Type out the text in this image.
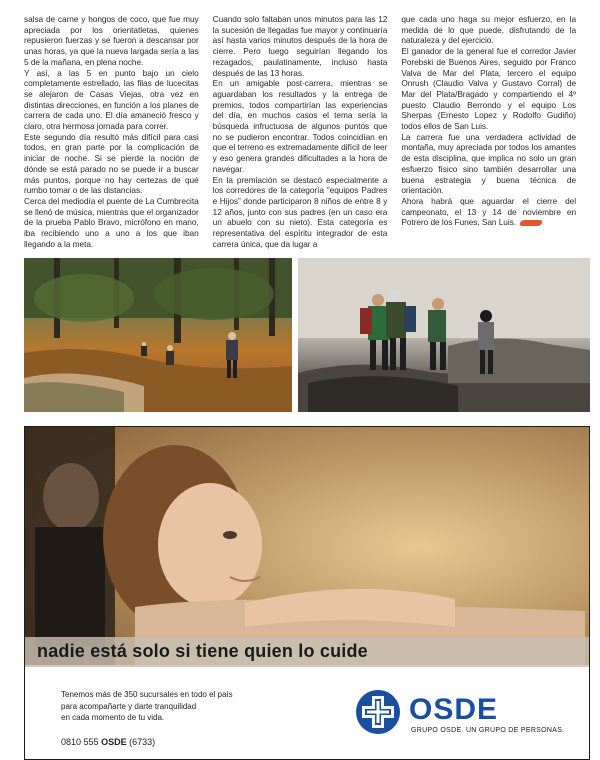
salsa de carne y hongos de coco, que fue muy apreciada por los orientatletas, quienes repusieron fuerzas y se fueron a descansar por unas horas, ya que la nueva largada sería a las 5 de la mañana, en plena noche.

Y así, a las 5 en punto bajo un cielo completamente estrellado, las filas de lucecitas se alejaron de Casas Viejas, otra vez en distintas direcciones, en función a los planes de carrera de cada uno. El día amaneció fresco y claro, otra hermosa jornada para correr.

Este segundo día resultó más difícil para casi todos, en gran parte por la complicación de iniciar de noche. Si se pierde la noción de dónde se está parado no se puede ir a buscar más puntos, porque no hay certezas de qué rumbo tomar o de las distancias.

Cerca del mediodía el puente de La Cumbrecita se llenó de música, mientras que el organizador de la prueba Pablo Bravo, micrófono en mano, iba recibiendo uno a uno a los que iban llegando a la meta.

Cuando solo faltaban unos minutos para las 12 la sucesión de llegadas fue mayor y continuaría así hasta varios minutos después de la hora de cierre. Pero luego seguirían llegando los rezagados, paulatinamente, incluso hasta después de las 13 horas.

En un amigable post-carrera, mientras se aguardaban los resultados y la entrega de premios, todos compartirían las experiencias del día, en muchos casos el tema sería la búsqueda infructuosa de algunos puntos que no se pudieron encontrar. Todos coincidían en que el terreno es extremadamente difícil de leer y eso genera grandes dificultades a la hora de navegar.

En la premiación se destacó especialmente a los corredores de la categoría “equipos Padres e Hijos” donde participaron 8 niños de entre 8 y 12 años, junto con sus padres (en un caso era un abuelo con su nieto). Esta categoría es representativa del espíritu integrador de esta carrera única, que da lugar a

que cada uno haga su mejor esfuerzo, en la medida de lo que puede, disfrutando de la naturaleza y del ejercicio.

El ganador de la general fue el corredor Javier Porebski de Buenos Aires, seguido por Franco Valva de Mar del Plata, tercero el equipo Onrush (Claudio Valva y Gustavo Corral) de Mar del Plata/Bragado y compartiendo el 4º puesto Claudio Berrondo y el equipo Los Sherpas (Ernesto Lopez y Rodolfo Gudiño) todos ellos de San Luis.

La carrera fue una verdadera actividad de montaña, muy apreciada por todos los amantes de esta disciplina, que implica no solo un gran esfuerzo físico sino también desarrollar una buena estrategia y buena técnica de orientación.

Ahora habrá que aguardar el cierre del campeonato, el 13 y 14 de noviembre en Potrero de los Funes, San Luis.

nadie está solo si tiene quien lo cuide
Tenemos más de 350 sucursales en todo el país
para acompañarte y darte tranquilidad
en cada momento de tu vida.
0810 555 OSDE (6733)
OSDE
GRUPO OSDE. UN GRUPO DE PERSONAS.
